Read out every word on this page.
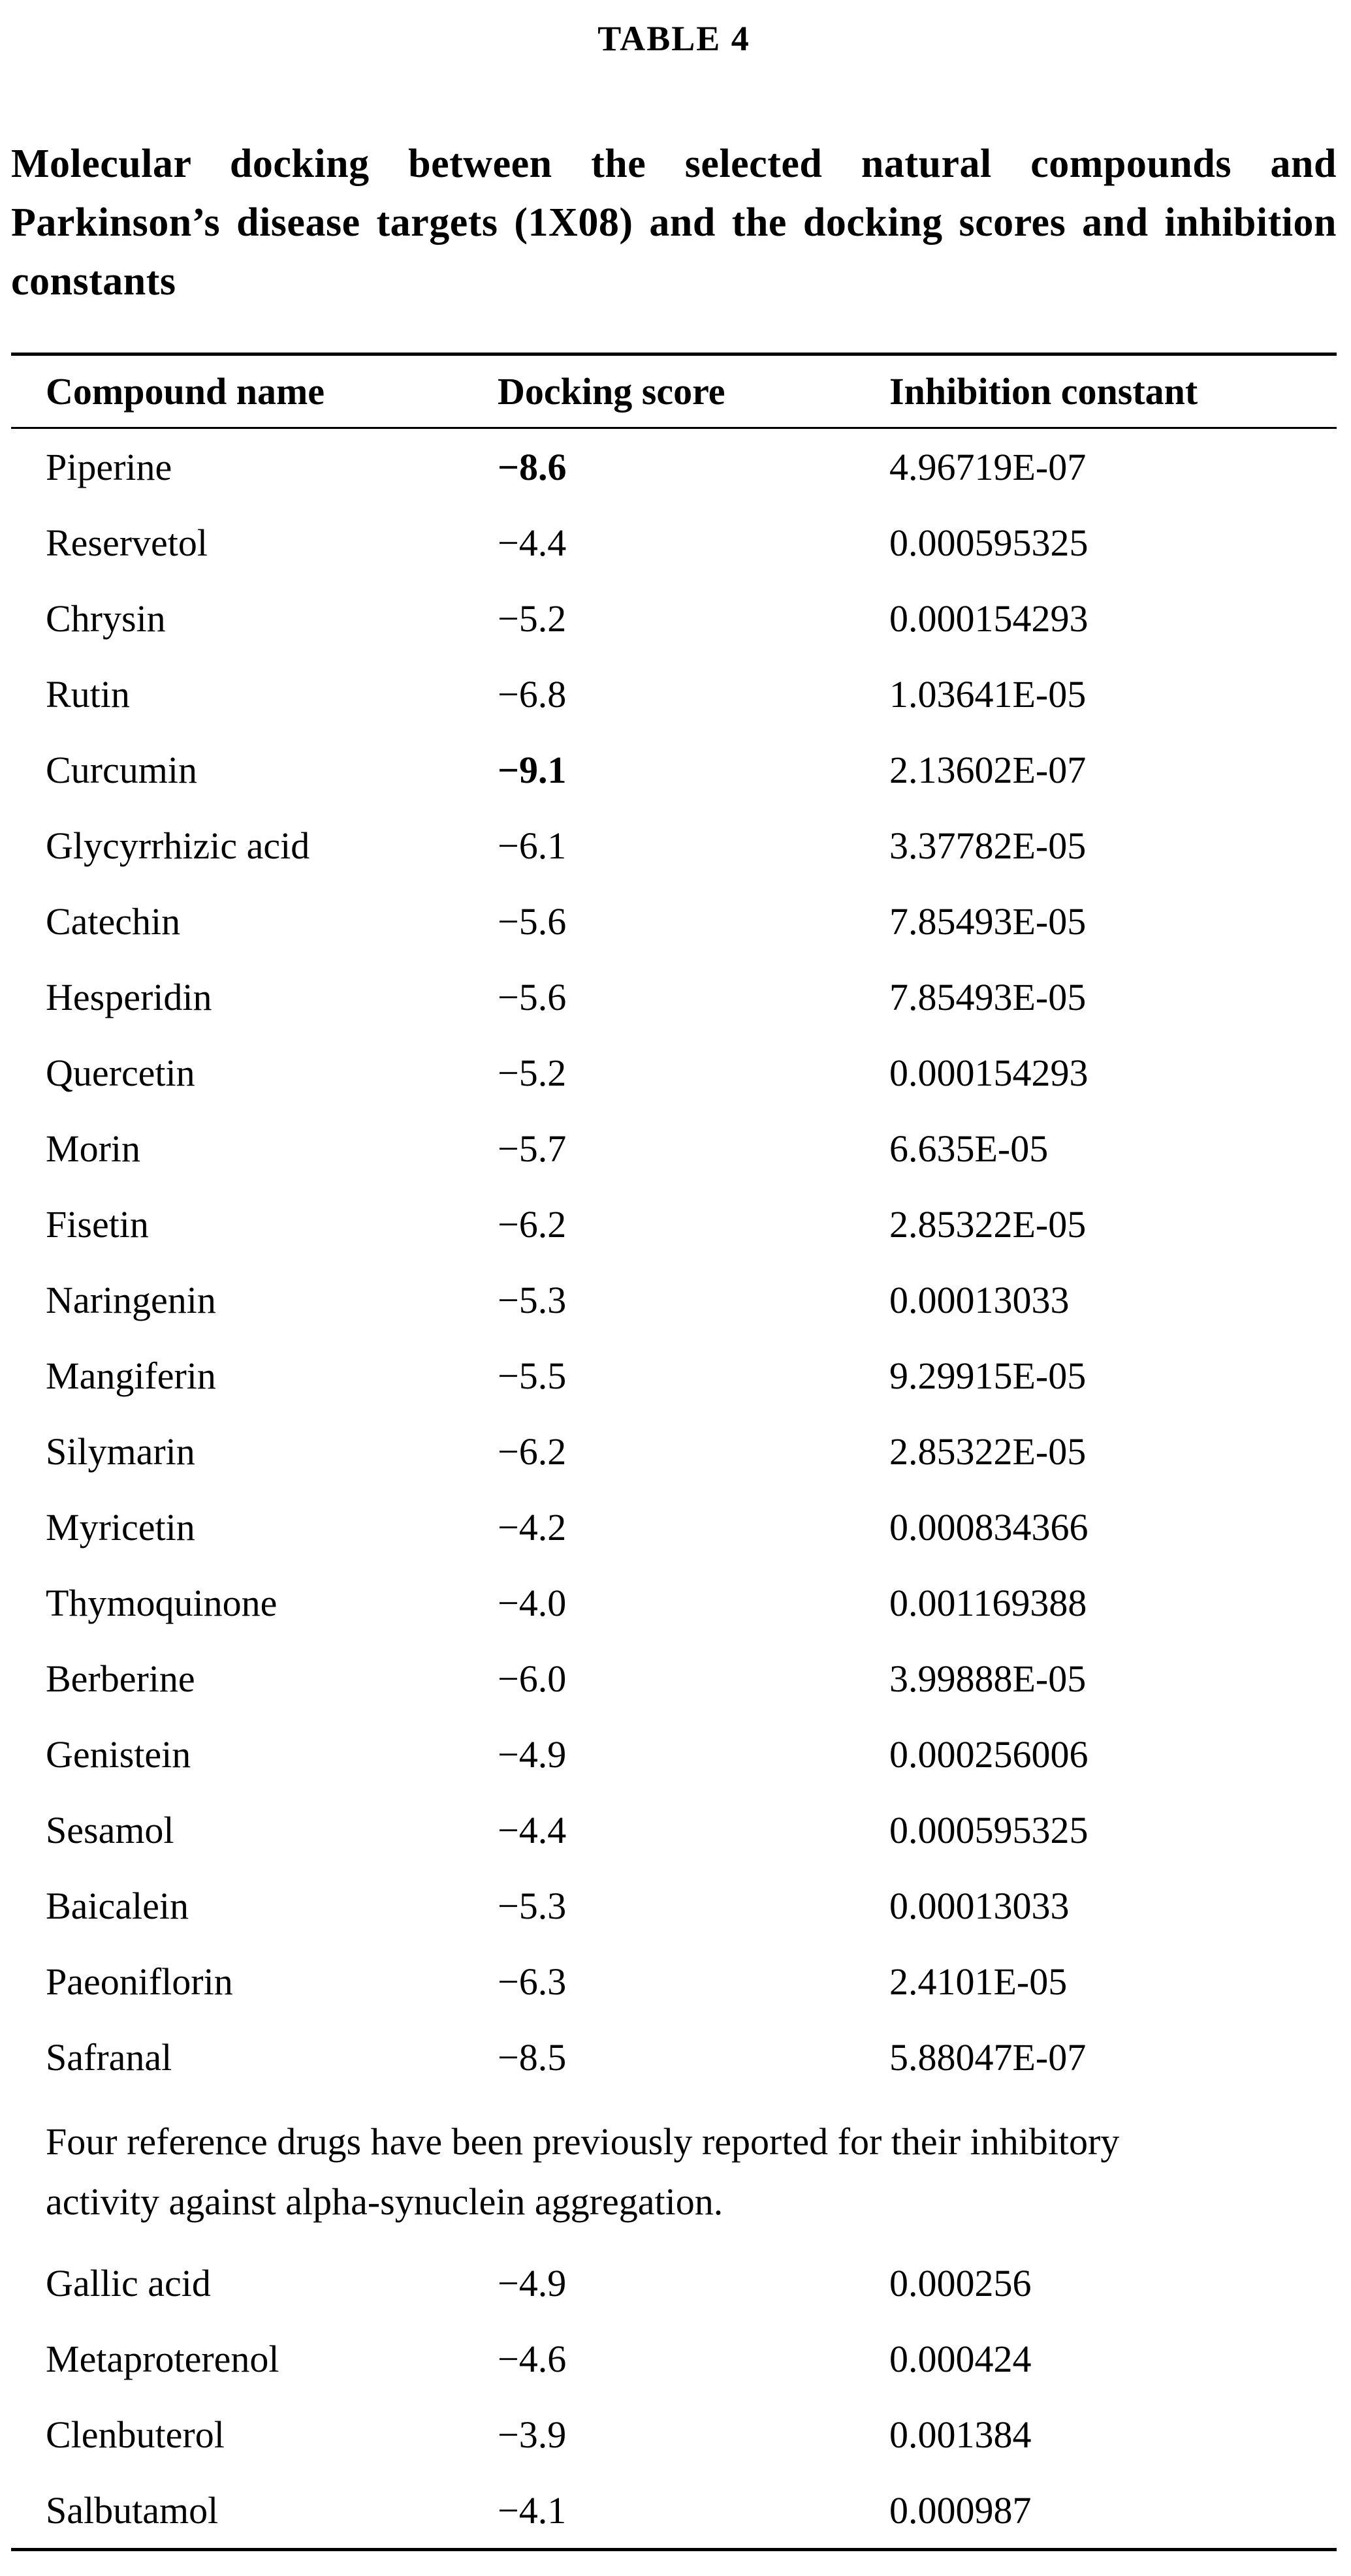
TABLE 4
Molecular docking between the selected natural compounds and Parkinson’s disease targets (1X08) and the docking scores and inhibition constants
Compound name	Docking score	Inhibition constant
Piperine	−8.6	4.96719E-07
Reservetol	−4.4	0.000595325
Chrysin	−5.2	0.000154293
Rutin	−6.8	1.03641E-05
Curcumin	−9.1	2.13602E-07
Glycyrrhizic acid	−6.1	3.37782E-05
Catechin	−5.6	7.85493E-05
Hesperidin	−5.6	7.85493E-05
Quercetin	−5.2	0.000154293
Morin	−5.7	6.635E-05
Fisetin	−6.2	2.85322E-05
Naringenin	−5.3	0.00013033
Mangiferin	−5.5	9.29915E-05
Silymarin	−6.2	2.85322E-05
Myricetin	−4.2	0.000834366
Thymoquinone	−4.0	0.001169388
Berberine	−6.0	3.99888E-05
Genistein	−4.9	0.000256006
Sesamol	−4.4	0.000595325
Baicalein	−5.3	0.00013033
Paeoniflorin	−6.3	2.4101E-05
Safranal	−8.5	5.88047E-07
Four reference drugs have been previously reported for their inhibitory activity against alpha-synuclein aggregation.
Gallic acid	−4.9	0.000256
Metaproterenol	−4.6	0.000424
Clenbuterol	−3.9	0.001384
Salbutamol	−4.1	0.000987
